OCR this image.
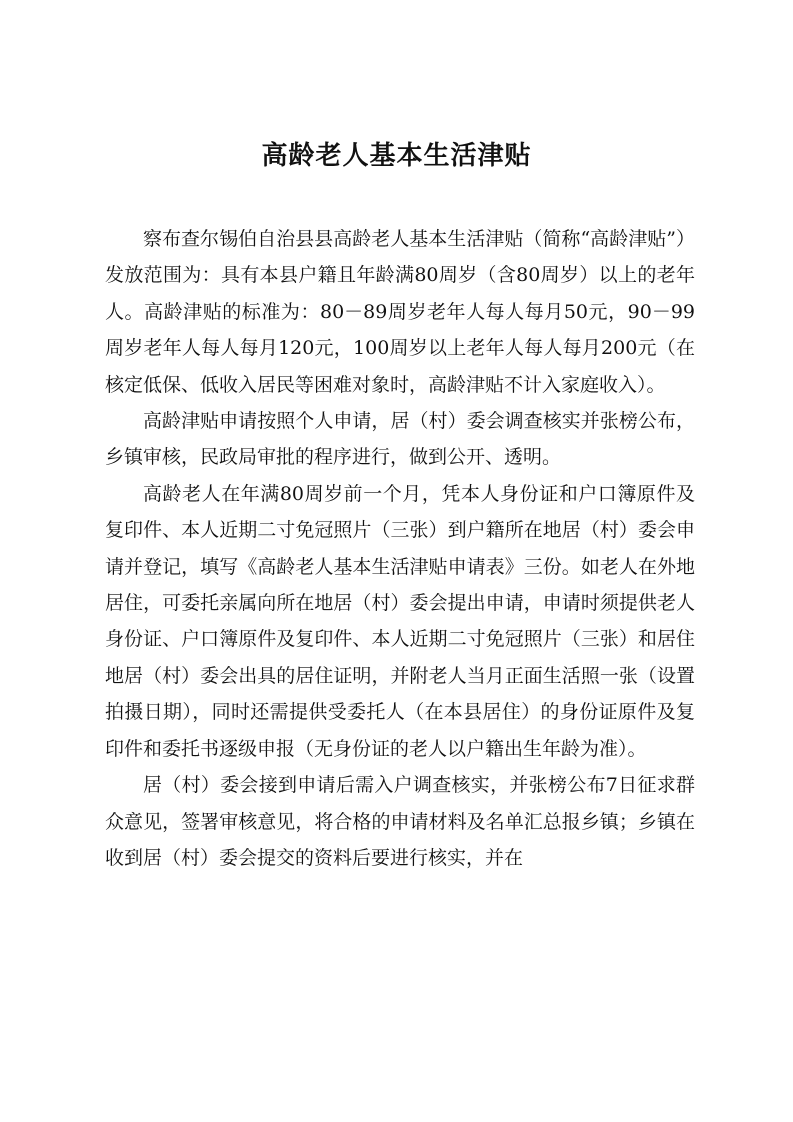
高龄老人基本生活津贴

察布查尔锡伯自治县县高龄老人基本生活津贴（简称“高龄津贴”）发放范围为：具有本县户籍且年龄满80周岁（含80周岁）以上的老年人。高龄津贴的标准为：80－89周岁老年人每人每月50元，90－99周岁老年人每人每月120元，100周岁以上老年人每人每月200元（在核定低保、低收入居民等困难对象时，高龄津贴不计入家庭收入）。

高龄津贴申请按照个人申请，居（村）委会调查核实并张榜公布，乡镇审核，民政局审批的程序进行，做到公开、透明。

高龄老人在年满80周岁前一个月，凭本人身份证和户口簿原件及复印件、本人近期二寸免冠照片（三张）到户籍所在地居（村）委会申请并登记，填写《高龄老人基本生活津贴申请表》三份。如老人在外地居住，可委托亲属向所在地居（村）委会提出申请，申请时须提供老人身份证、户口簿原件及复印件、本人近期二寸免冠照片（三张）和居住地居（村）委会出具的居住证明，并附老人当月正面生活照一张（设置拍摄日期），同时还需提供受委托人（在本县居住）的身份证原件及复印件和委托书逐级申报（无身份证的老人以户籍出生年龄为准）。

居（村）委会接到申请后需入户调查核实，并张榜公布7日征求群众意见，签署审核意见，将合格的申请材料及名单汇总报乡镇；乡镇在收到居（村）委会提交的资料后要进行核实，并在
